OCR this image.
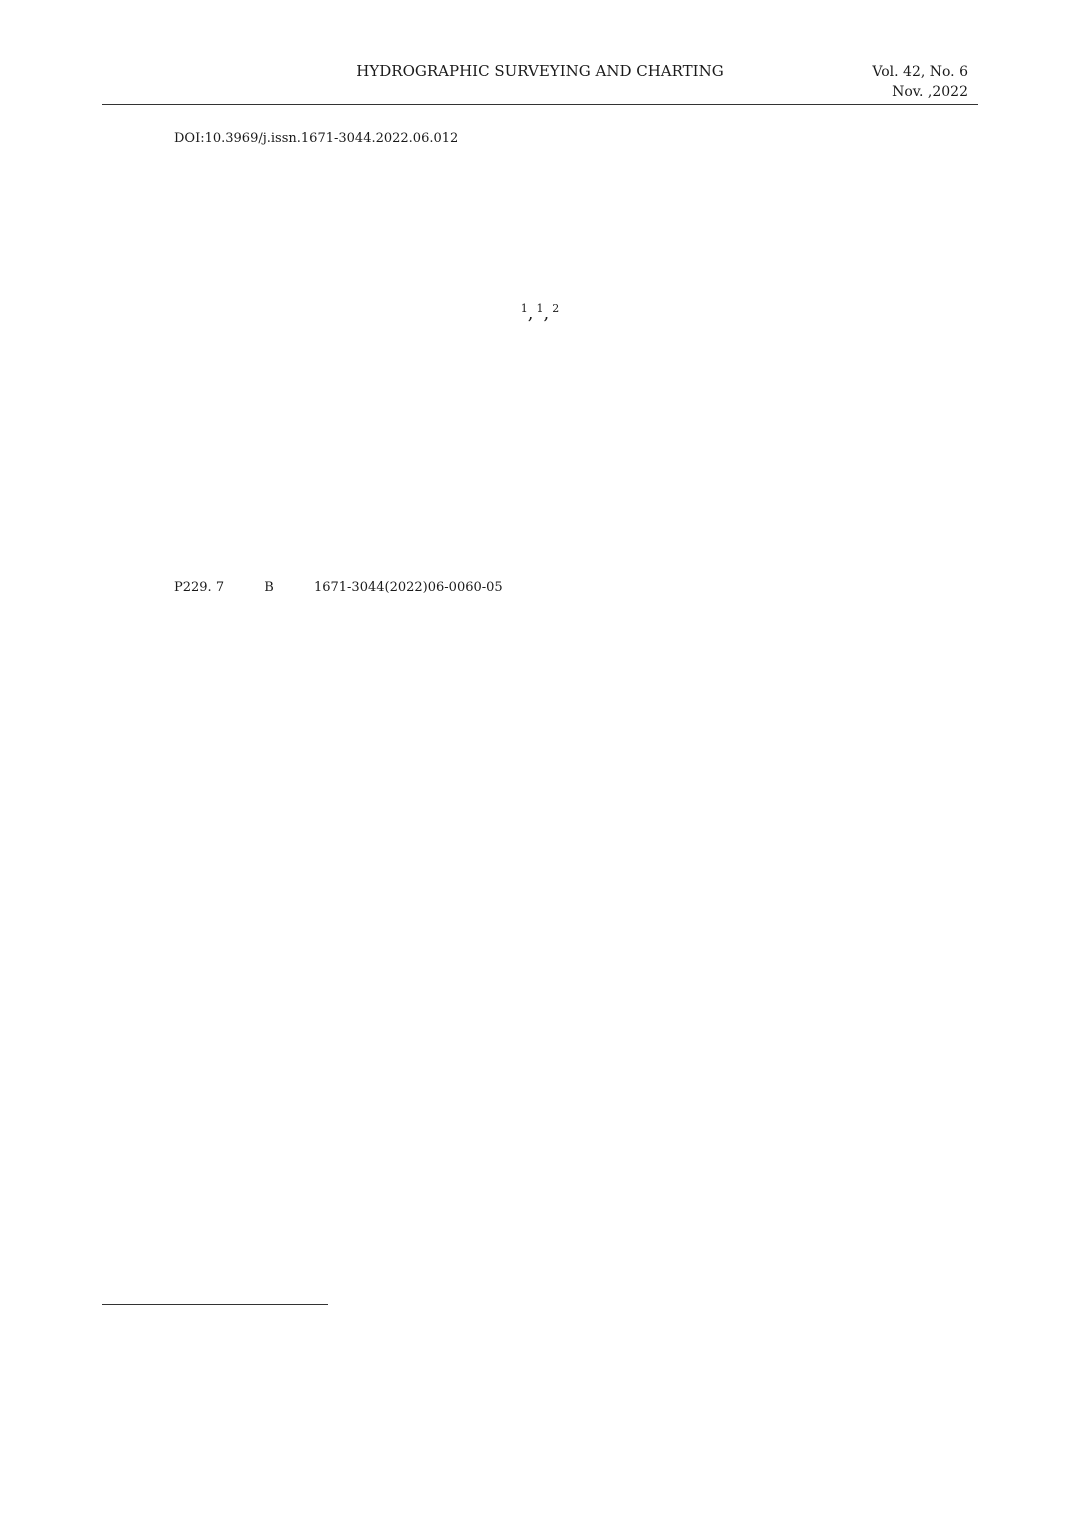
HYDROGRAPHIC SURVEYING AND CHARTING	Vol. 42, No. 6
Nov. ,2022
DOI:10.3969/j.issn.1671-3044.2022.06.012
$^1$,$^1$,$^2$
P229. 7	B	1671-3044(2022)06-0060-05
